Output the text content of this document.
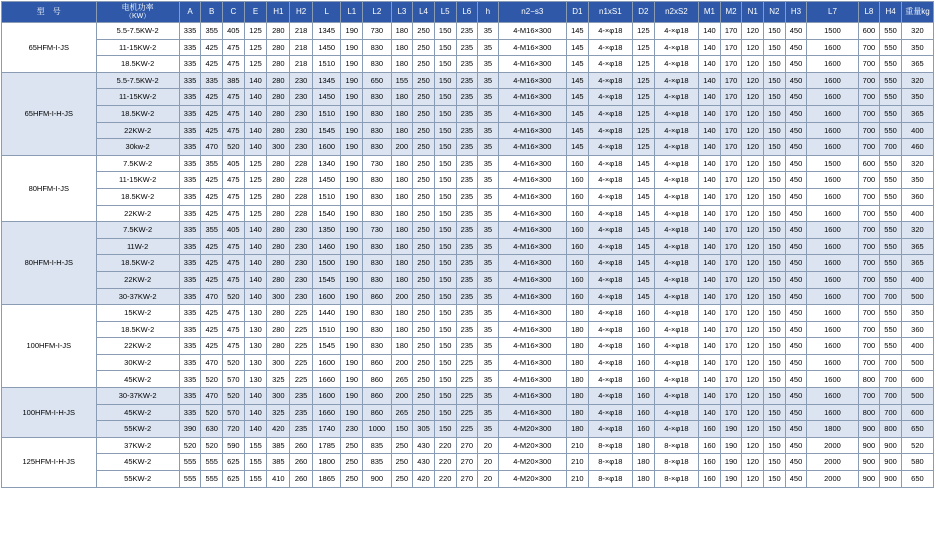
型　号	电机功率
（KW）	A	B	C	E	H1	H2	L	L1	L2	L3	L4	L5	L6	h	n2−s3	D1	n1xS1	D2	n2xS2	M1	M2	N1	N2	H3	L7	L8	H4	重量kg
65HFM-I-JS	5.5-7.5KW-2	335	355	405	125	280	218	1345	190	730	180	250	150	235	35	4-M16×300	145	4-×φ18	125	4-×φ18	140	170	120	150	450	1500	600	550	320
	11-15KW-2	335	425	475	125	280	218	1450	190	830	180	250	150	235	35	4-M16×300	145	4-×φ18	125	4-×φ18	140	170	120	150	450	1600	700	550	350
	18.5KW-2	335	425	475	125	280	218	1510	190	830	180	250	150	235	35	4-M16×300	145	4-×φ18	125	4-×φ18	140	170	120	150	450	1600	700	550	365
65HFM-I-H-JS	5.5-7.5KW-2	335	335	385	140	280	230	1345	190	650	155	250	150	235	35	4-M16×300	145	4-×φ18	125	4-×φ18	140	170	120	150	450	1600	700	550	320
	11-15KW-2	335	425	475	140	280	230	1450	190	830	180	250	150	235	35	4-M16×300	145	4-×φ18	125	4-×φ18	140	170	120	150	450	1600	700	550	350
	18.5KW-2	335	425	475	140	280	230	1510	190	830	180	250	150	235	35	4-M16×300	145	4-×φ18	125	4-×φ18	140	170	120	150	450	1600	700	550	365
	22KW-2	335	425	475	140	280	230	1545	190	830	180	250	150	235	35	4-M16×300	145	4-×φ18	125	4-×φ18	140	170	120	150	450	1600	700	550	400
	30kw-2	335	470	520	140	300	230	1600	190	830	200	250	150	235	35	4-M16×300	145	4-×φ18	125	4-×φ18	140	170	120	150	450	1600	700	700	460
80HFM-I-JS	7.5KW-2	335	355	405	125	280	228	1340	190	730	180	250	150	235	35	4-M16×300	160	4-×φ18	145	4-×φ18	140	170	120	150	450	1500	600	550	320
	11-15KW-2	335	425	475	125	280	228	1450	190	830	180	250	150	235	35	4-M16×300	160	4-×φ18	145	4-×φ18	140	170	120	150	450	1600	700	550	350
	18.5KW-2	335	425	475	125	280	228	1510	190	830	180	250	150	235	35	4-M16×300	160	4-×φ18	145	4-×φ18	140	170	120	150	450	1600	700	550	360
	22KW-2	335	425	475	125	280	228	1540	190	830	180	250	150	235	35	4-M16×300	160	4-×φ18	145	4-×φ18	140	170	120	150	450	1600	700	550	400
80HFM-I-H-JS	7.5KW-2	335	355	405	140	280	230	1350	190	730	180	250	150	235	35	4-M16×300	160	4-×φ18	145	4-×φ18	140	170	120	150	450	1600	700	550	320
	11W-2	335	425	475	140	280	230	1460	190	830	180	250	150	235	35	4-M16×300	160	4-×φ18	145	4-×φ18	140	170	120	150	450	1600	700	550	365
	18.5KW-2	335	425	475	140	280	230	1500	190	830	180	250	150	235	35	4-M16×300	160	4-×φ18	145	4-×φ18	140	170	120	150	450	1600	700	550	365
	22KW-2	335	425	475	140	280	230	1545	190	830	180	250	150	235	35	4-M16×300	160	4-×φ18	145	4-×φ18	140	170	120	150	450	1600	700	550	400
	30-37KW-2	335	470	520	140	300	230	1600	190	860	200	250	150	235	35	4-M16×300	160	4-×φ18	145	4-×φ18	140	170	120	150	450	1600	700	700	500
100HFM-I-JS	15KW-2	335	425	475	130	280	225	1440	190	830	180	250	150	235	35	4-M16×300	180	4-×φ18	160	4-×φ18	140	170	120	150	450	1600	700	550	350
	18.5KW-2	335	425	475	130	280	225	1510	190	830	180	250	150	235	35	4-M16×300	180	4-×φ18	160	4-×φ18	140	170	120	150	450	1600	700	550	360
	22KW-2	335	425	475	130	280	225	1545	190	830	180	250	150	235	35	4-M16×300	180	4-×φ18	160	4-×φ18	140	170	120	150	450	1600	700	550	400
	30KW-2	335	470	520	130	300	225	1600	190	860	200	250	150	225	35	4-M16×300	180	4-×φ18	160	4-×φ18	140	170	120	150	450	1600	700	700	500
	45KW-2	335	520	570	130	325	225	1660	190	860	265	250	150	225	35	4-M16×300	180	4-×φ18	160	4-×φ18	140	170	120	150	450	1600	800	700	600
100HFM-I-H-JS	30-37KW-2	335	470	520	140	300	235	1600	190	860	200	250	150	225	35	4-M16×300	180	4-×φ18	160	4-×φ18	140	170	120	150	450	1600	700	700	500
	45KW-2	335	520	570	140	325	235	1660	190	860	265	250	150	225	35	4-M16×300	180	4-×φ18	160	4-×φ18	140	170	120	150	450	1600	800	700	600
	55KW-2	390	630	720	140	420	235	1740	230	1000	150	305	150	225	35	4-M20×300	180	4-×φ18	160	4-×φ18	160	190	120	150	450	1800	900	800	650
125HFM-I-H-JS	37KW-2	520	520	590	155	385	260	1785	250	835	250	430	220	270	20	4-M20×300	210	8-×φ18	180	8-×φ18	160	190	120	150	450	2000	900	900	520
	45KW-2	555	555	625	155	385	260	1800	250	835	250	430	220	270	20	4-M20×300	210	8-×φ18	180	8-×φ18	160	190	120	150	450	2000	900	900	580
	55KW-2	555	555	625	155	410	260	1865	250	900	250	420	220	270	20	4-M20×300	210	8-×φ18	180	8-×φ18	160	190	120	150	450	2000	900	900	650
